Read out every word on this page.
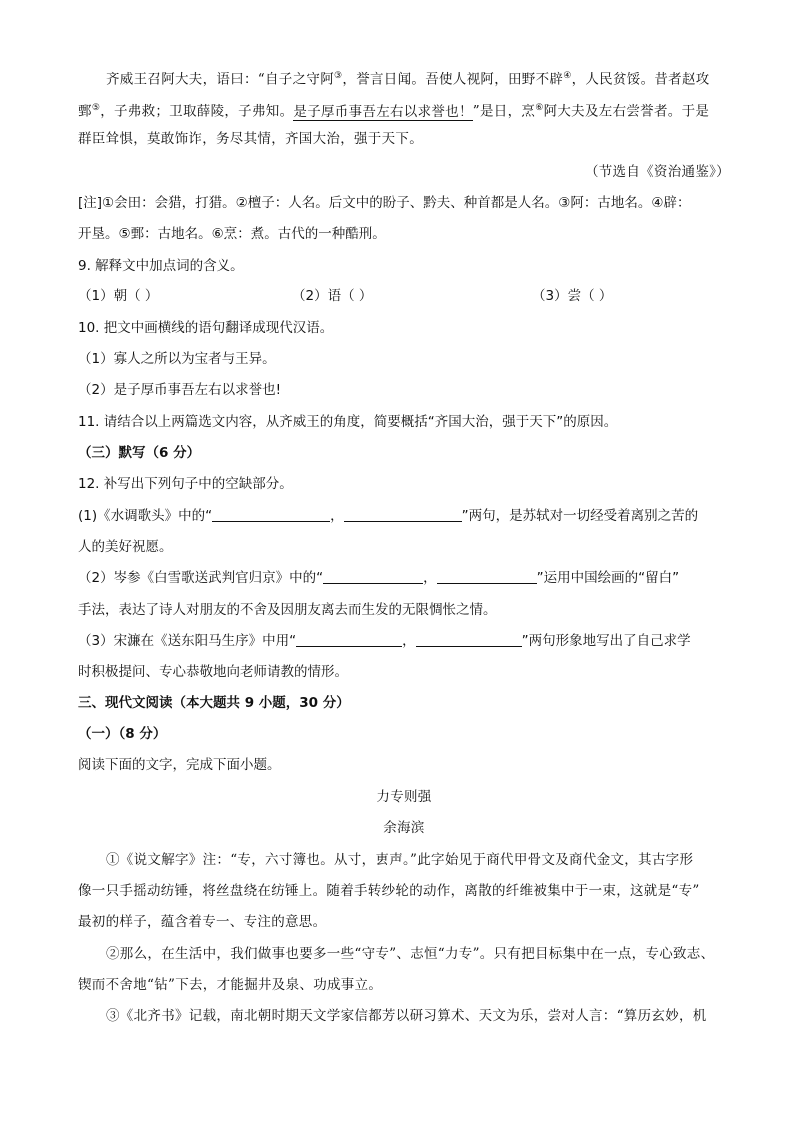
齐威王召阿大夫，语曰：“自子之守阿③，誉言日闻。吾使人视阿，田野不辟④，人民贫馁。昔者赵攻
鄄⑤，子弗救；卫取薛陵，子弗知。是子厚币事吾左右以求誉也！”是日，烹⑥阿大夫及左右尝誉者。于是
群臣耸惧，莫敢饰诈，务尽其情，齐国大治，强于天下。
（节选自《资治通鉴》）
[注]①会田：会猎，打猎。②檀子：人名。后文中的盼子、黔夫、种首都是人名。③阿：古地名。④辟：
开垦。⑤鄄：古地名。⑥烹：煮。古代的一种酷刑。
9. 解释文中加点词的含义。
（1）朝（ ）	（2）语（ ）	（3）尝（ ）
10. 把文中画横线的语句翻译成现代汉语。
（1）寡人之所以为宝者与王异。
（2）是子厚币事吾左右以求誉也!
11. 请结合以上两篇选文内容，从齐威王的角度，简要概括“齐国大治，强于天下”的原因。
（三）默写（6 分）
12. 补写出下列句子中的空缺部分。
(1)《水调歌头》中的“	，	”两句，是苏轼对一切经受着离别之苦的
人的美好祝愿。
（2）岑参《白雪歌送武判官归京》中的“	，	”运用中国绘画的“留白”
手法，表达了诗人对朋友的不舍及因朋友离去而生发的无限惆怅之情。
（3）宋濂在《送东阳马生序》中用“	，	”两句形象地写出了自己求学
时积极提问、专心恭敬地向老师请教的情形。
三、现代文阅读（本大题共 9 小题，30 分）
（一）（8 分）
阅读下面的文字，完成下面小题。
力专则强
余海滨
①《说文解字》注：“专，六寸簿也。从寸，叀声。”此字始见于商代甲骨文及商代金文，其古字形
像一只手摇动纺锤，将丝盘绕在纺锤上。随着手转纱轮的动作，离散的纤维被集中于一束，这就是“专”
最初的样子，蕴含着专一、专注的意思。
②那么，在生活中，我们做事也要多一些“守专”、志恒“力专”。只有把目标集中在一点，专心致志、
锲而不舍地“钻”下去，才能掘井及泉、功成事立。
③《北齐书》记载，南北朝时期天文学家信都芳以研习算术、天文为乐，尝对人言：“算历玄妙，机
